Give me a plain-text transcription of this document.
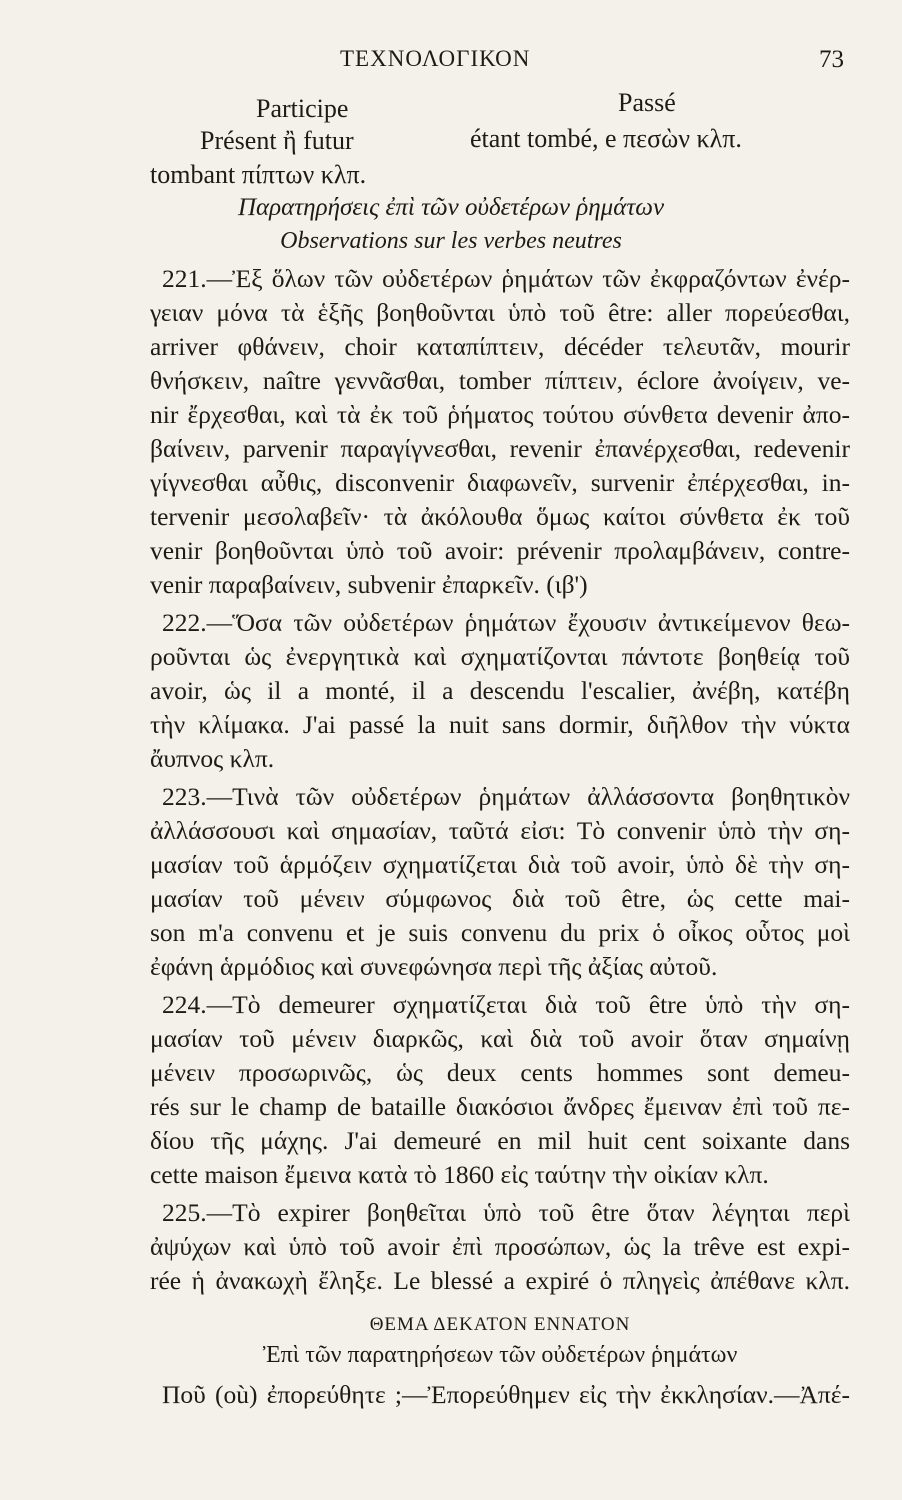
ΤΕΧΝΟΛΟΓΙΚΟΝ	73
Participe	Passé
Présent ἢ futur	étant tombé, e πεσὼν κλπ.
tombant πίπτων κλπ.
Παρατηρήσεις ἐπὶ τῶν οὐδετέρων ῥημάτων
Observations sur les verbes neutres
221.—Ἐξ ὅλων τῶν οὐδετέρων ῥημάτων τῶν ἐκφραζόντων ἐνέρ-
γειαν μόνα τὰ ἑξῆς βοηθοῦνται ὑπὸ τοῦ être: aller πορεύεσθαι,
arriver φθάνειν, choir καταπίπτειν, décéder τελευτᾶν, mourir
θνήσκειν, naître γεννᾶσθαι, tomber πίπτειν, éclore ἀνοίγειν, ve-
nir ἔρχεσθαι, καὶ τὰ ἐκ τοῦ ῥήματος τούτου σύνθετα devenir ἀπο-
βαίνειν, parvenir παραγίγνεσθαι, revenir ἐπανέρχεσθαι, redevenir
γίγνεσθαι αὖθις, disconvenir διαφωνεῖν, survenir ἐπέρχεσθαι, in-
tervenir μεσολαβεῖν· τὰ ἀκόλουθα ὅμως καίτοι σύνθετα ἐκ τοῦ
venir βοηθοῦνται ὑπὸ τοῦ avoir: prévenir προλαμβάνειν, contre-
venir παραβαίνειν, subvenir ἐπαρκεῖν. (ιβ')
222.—Ὅσα τῶν οὐδετέρων ῥημάτων ἔχουσιν ἀντικείμενον θεω-
ροῦνται ὡς ἐνεργητικὰ καὶ σχηματίζονται πάντοτε βοηθείᾳ τοῦ
avoir, ὡς il a monté, il a descendu l'escalier, ἀνέβη, κατέβη
τὴν κλίμακα. J'ai passé la nuit sans dormir, διῆλθον τὴν νύκτα
ἄυπνος κλπ.
223.—Τινὰ τῶν οὐδετέρων ῥημάτων ἀλλάσσοντα βοηθητικὸν
ἀλλάσσουσι καὶ σημασίαν, ταῦτά εἰσι: Τὸ convenir ὑπὸ τὴν ση-
μασίαν τοῦ ἁρμόζειν σχηματίζεται διὰ τοῦ avoir, ὑπὸ δὲ τὴν ση-
μασίαν τοῦ μένειν σύμφωνος διὰ τοῦ être, ὡς cette mai-
son m'a convenu et je suis convenu du prix ὁ οἶκος οὗτος μοὶ
ἐφάνη ἁρμόδιος καὶ συνεφώνησα περὶ τῆς ἀξίας αὐτοῦ.
224.—Τὸ demeurer σχηματίζεται διὰ τοῦ être ὑπὸ τὴν ση-
μασίαν τοῦ μένειν διαρκῶς, καὶ διὰ τοῦ avoir ὅταν σημαίνῃ
μένειν προσωρινῶς, ὡς deux cents hommes sont demeu-
rés sur le champ de bataille διακόσιοι ἄνδρες ἔμειναν ἐπὶ τοῦ πε-
δίου τῆς μάχης. J'ai demeuré en mil huit cent soixante dans
cette maison ἔμεινα κατὰ τὸ 1860 εἰς ταύτην τὴν οἰκίαν κλπ.
225.—Τὸ expirer βοηθεῖται ὑπὸ τοῦ être ὅταν λέγηται περὶ
ἀψύχων καὶ ὑπὸ τοῦ avoir ἐπὶ προσώπων, ὡς la trêve est expi-
rée ἡ ἀνακωχὴ ἔληξε. Le blessé a expiré ὁ πληγεὶς ἀπέθανε κλπ.
ΘΕΜΑ ΔΕΚΑΤΟΝ ΕΝΝΑΤΟΝ
Ἐπὶ τῶν παρατηρήσεων τῶν οὐδετέρων ῥημάτων
Ποῦ (où) ἐπορεύθητε ;—Ἐπορεύθημεν εἰς τὴν ἐκκλησίαν.—Ἀπέ-
